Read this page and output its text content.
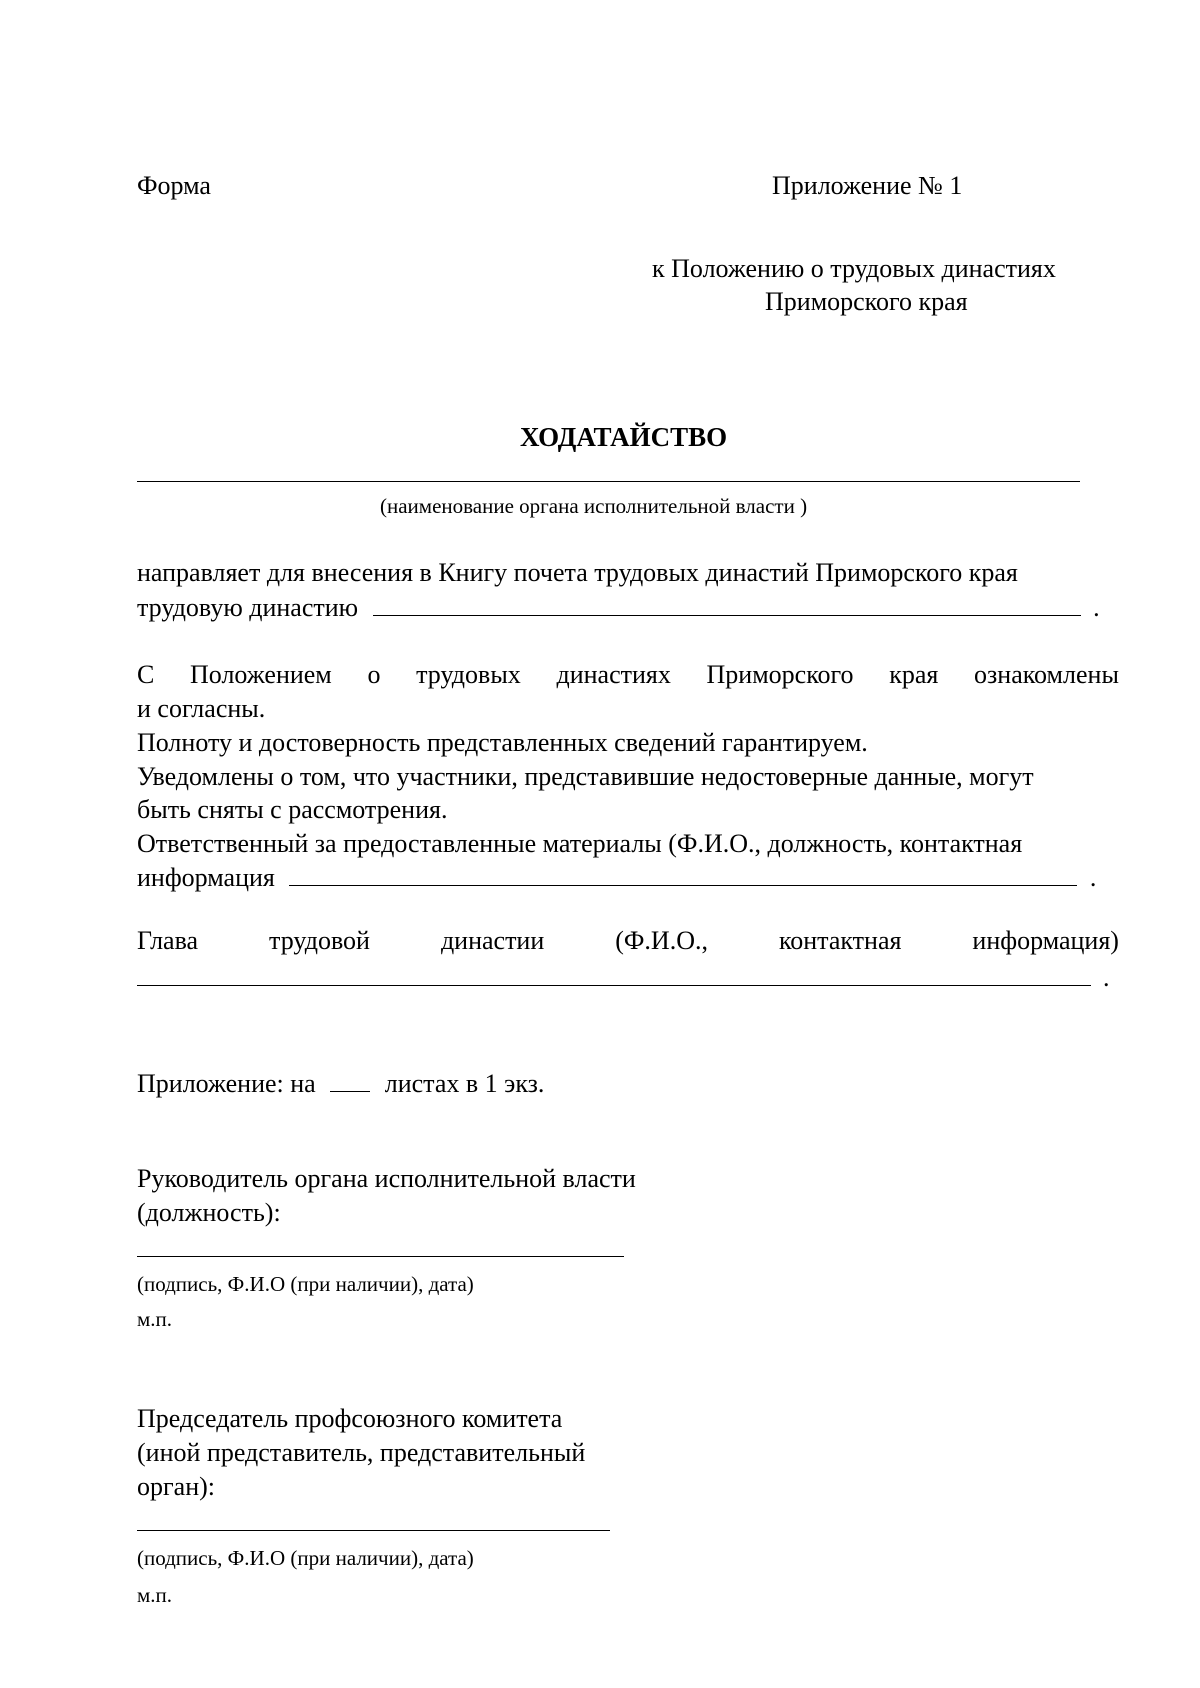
Форма	Приложение № 1
к Положению о трудовых династиях
Приморского края
ХОДАТАЙСТВО
(наименование органа исполнительной власти )
направляет для внесения в Книгу почета трудовых династий Приморского края
трудовую династию	.
С Положением о трудовых династиях Приморского края ознакомлены
и согласны.
Полноту и достоверность представленных сведений гарантируем.
Уведомлены о том, что участники, представившие недостоверные данные, могут
быть сняты с рассмотрения.
Ответственный за предоставленные материалы (Ф.И.О., должность, контактная
информация	.
Глава	трудовой	династии	(Ф.И.О.,	контактная	информация)
.
Приложение: на	листах в 1 экз.
Руководитель органа исполнительной власти
(должность):
(подпись, Ф.И.О (при наличии), дата)
м.п.
Председатель профсоюзного комитета
(иной представитель, представительный
орган):
(подпись, Ф.И.О (при наличии), дата)
м.п.
